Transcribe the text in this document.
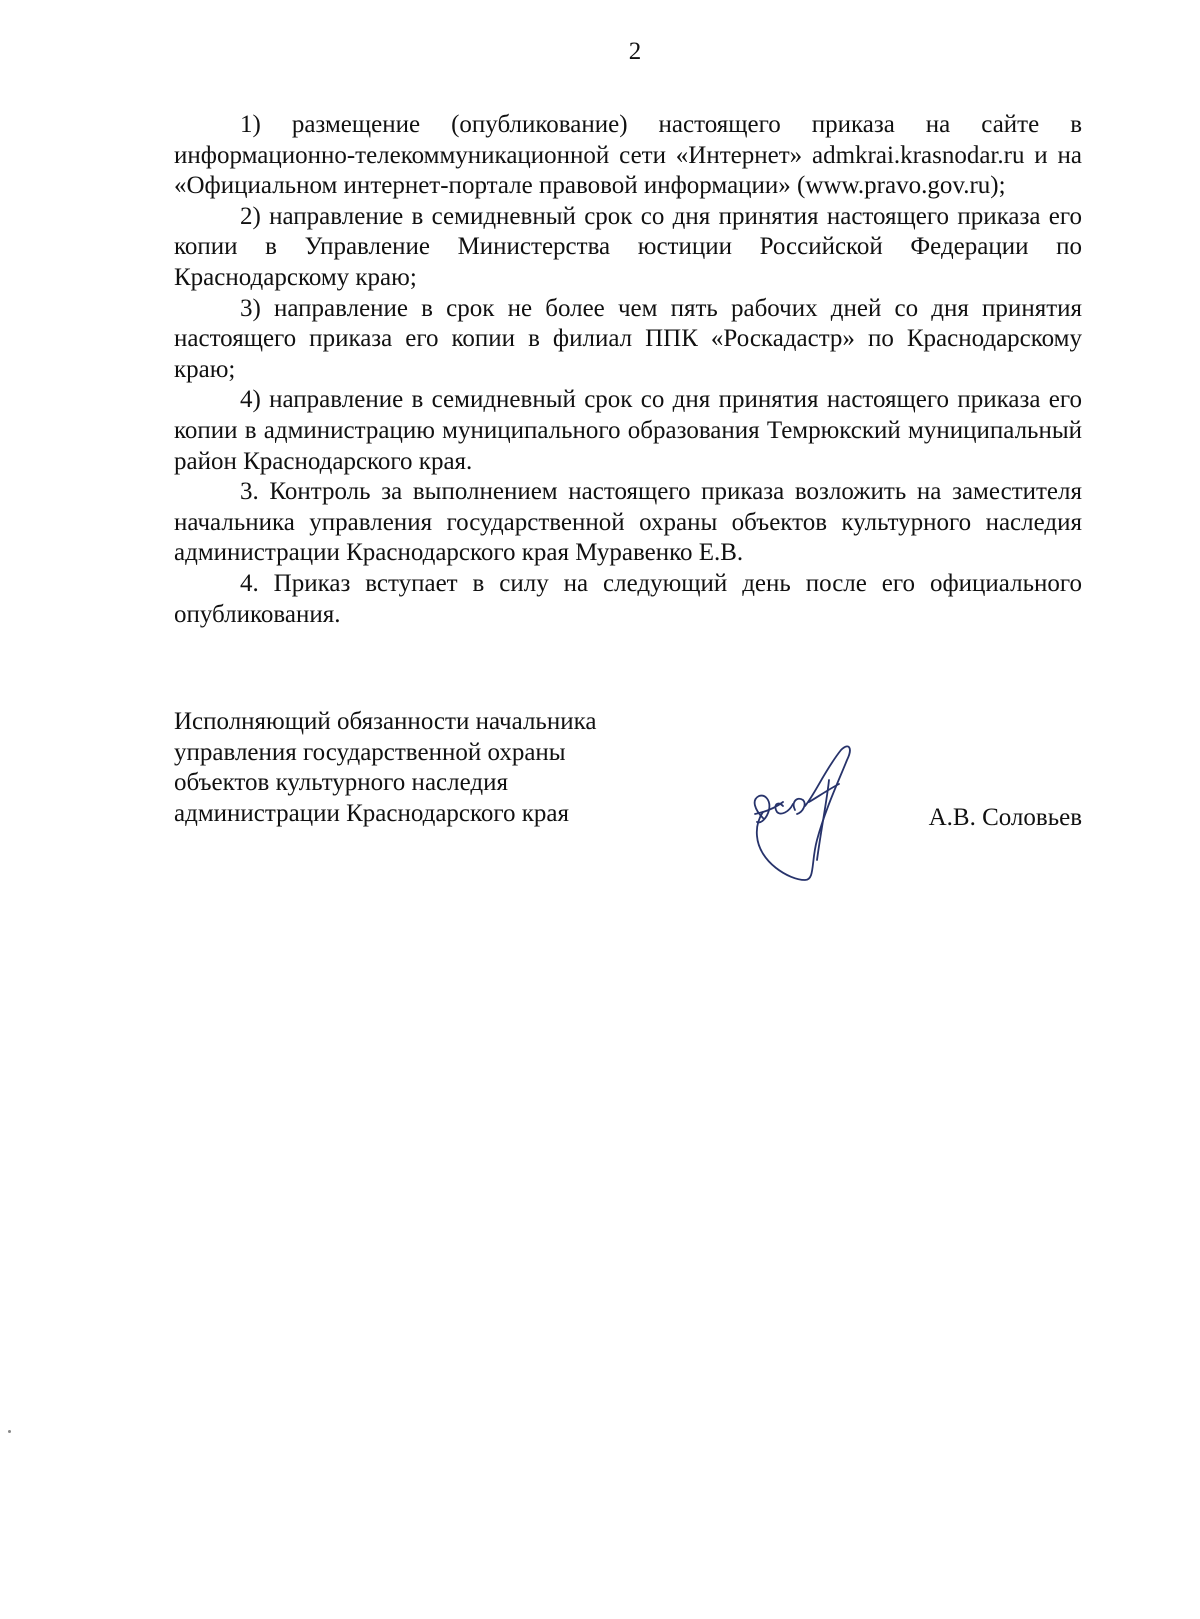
2

1) размещение (опубликование) настоящего приказа на сайте в информационно-телекоммуникационной сети «Интернет» admkrai.krasnodar.ru и на «Официальном интернет-портале правовой информации» (www.pravo.gov.ru);

2) направление в семидневный срок со дня принятия настоящего приказа его копии в Управление Министерства юстиции Российской Федерации по Краснодарскому краю;

3) направление в срок не более чем пять рабочих дней со дня принятия настоящего приказа его копии в филиал ППК «Роскадастр» по Краснодарскому краю;

4) направление в семидневный срок со дня принятия настоящего приказа его копии в администрацию муниципального образования Темрюкский муниципальный район Краснодарского края.

3. Контроль за выполнением настоящего приказа возложить на заместителя начальника управления государственной охраны объектов культурного наследия администрации Краснодарского края Муравенко Е.В.

4. Приказ вступает в силу на следующий день после его официального опубликования.

Исполняющий обязанности начальника
управления государственной охраны
объектов культурного наследия
администрации Краснодарского края	А.В. Соловьев
